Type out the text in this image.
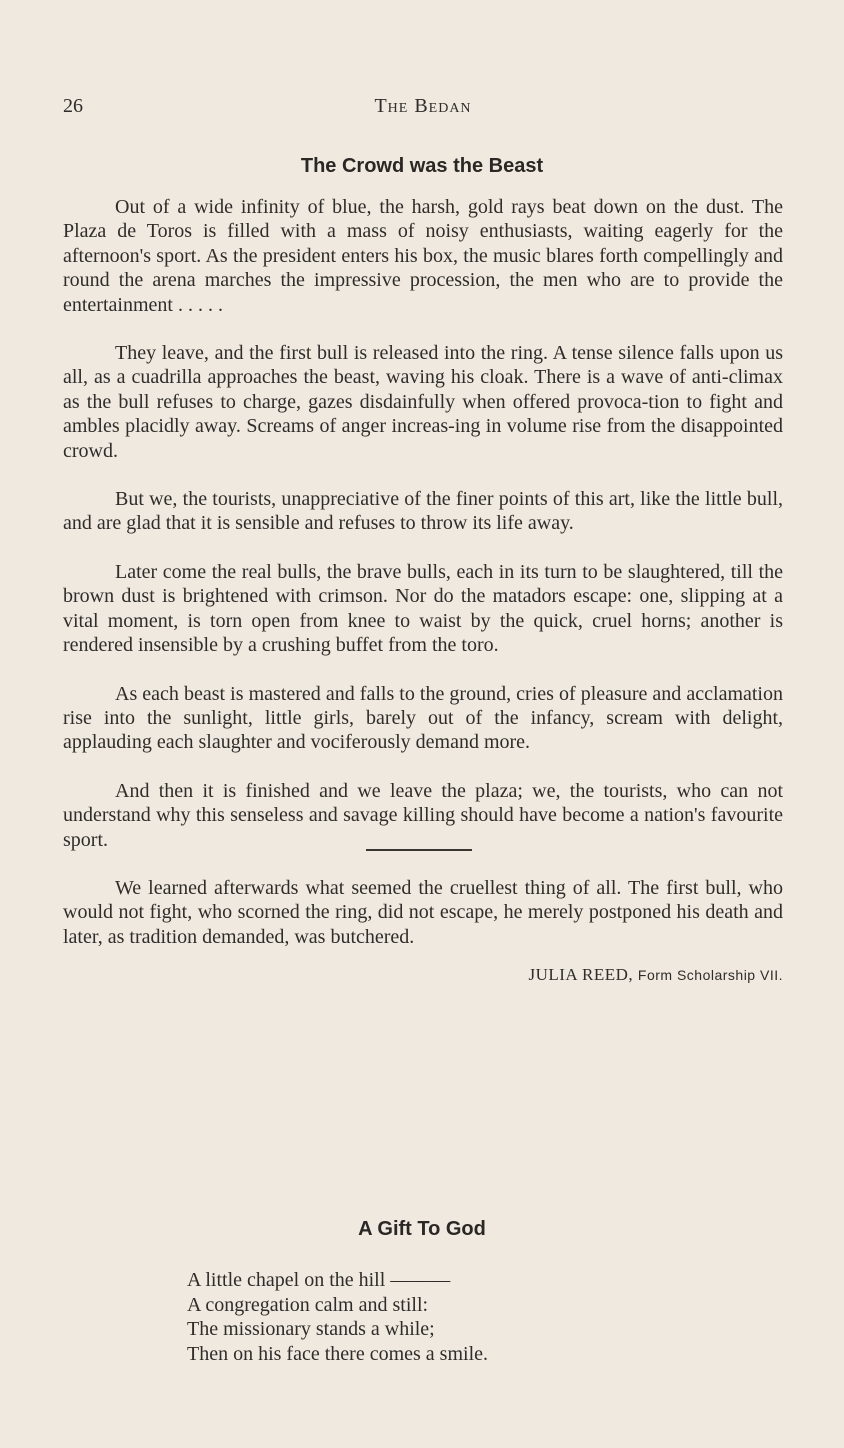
26	The Bedan
The Crowd was the Beast

Out of a wide infinity of blue, the harsh, gold rays beat down on the dust. The Plaza de Toros is filled with a mass of noisy enthusiasts, waiting eagerly for the afternoon's sport. As the president enters his box, the music blares forth compellingly and round the arena marches the impressive procession, the men who are to provide the entertainment . . . . .

They leave, and the first bull is released into the ring. A tense silence falls upon us all, as a cuadrilla approaches the beast, waving his cloak. There is a wave of anti-climax as the bull refuses to charge, gazes disdainfully when offered provoca-tion to fight and ambles placidly away. Screams of anger increas-ing in volume rise from the disappointed crowd.

But we, the tourists, unappreciative of the finer points of this art, like the little bull, and are glad that it is sensible and refuses to throw its life away.

Later come the real bulls, the brave bulls, each in its turn to be slaughtered, till the brown dust is brightened with crimson. Nor do the matadors escape: one, slipping at a vital moment, is torn open from knee to waist by the quick, cruel horns; another is rendered insensible by a crushing buffet from the toro.

As each beast is mastered and falls to the ground, cries of pleasure and acclamation rise into the sunlight, little girls, barely out of the infancy, scream with delight, applauding each slaughter and vociferously demand more.

And then it is finished and we leave the plaza; we, the tourists, who can not understand why this senseless and savage killing should have become a nation's favourite sport.

We learned afterwards what seemed the cruellest thing of all. The first bull, who would not fight, who scorned the ring, did not escape, he merely postponed his death and later, as tradition demanded, was butchered.

JULIA REED, Form Scholarship VII.
A Gift To God
A little chapel on the hill ———
A congregation calm and still:
The missionary stands a while;
Then on his face there comes a smile.
